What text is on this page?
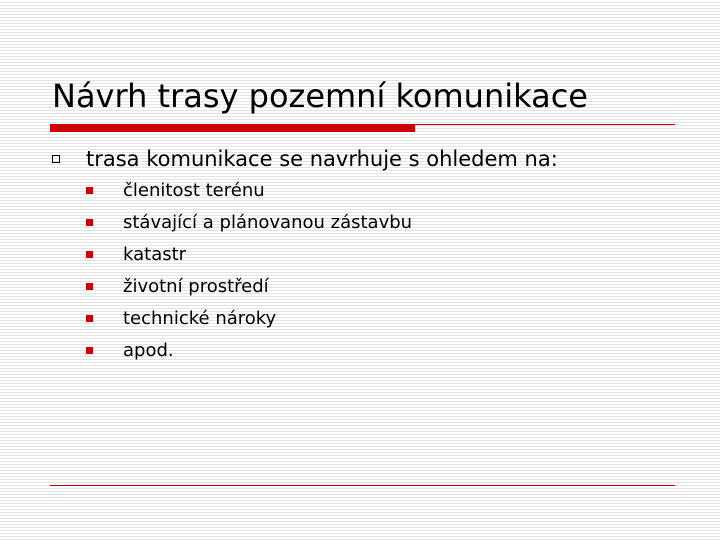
Návrh trasy pozemní komunikace
trasa komunikace se navrhuje s ohledem na:
členitost terénu
stávající a plánovanou zástavbu
katastr
životní prostředí
technické nároky
apod.
